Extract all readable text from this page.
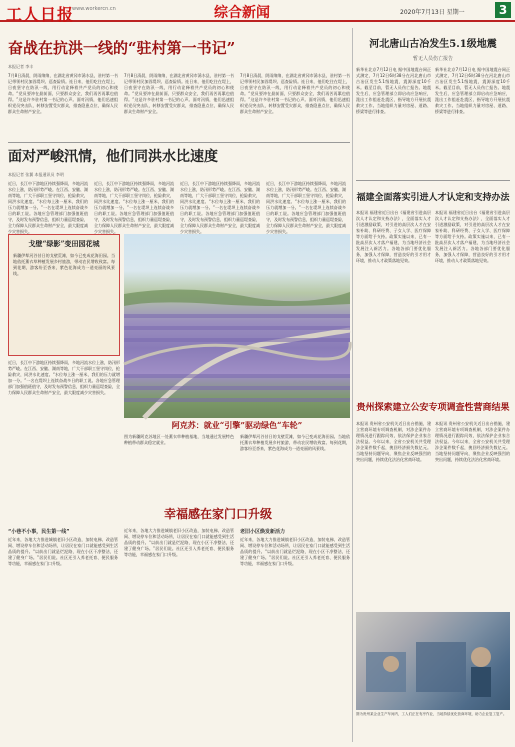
工人日报
www.workercn.cn	综合新闻	2020年7月13日 星期一	3
奋战在抗洪一线的“驻村第一书记”
本报记者 李丰
7月8日清晨，阴雨绵绵，在湖北省黄冈市浠水县，驻村第一书记带领村民加固堤坝、巡查险情。连日来，他们吃住在堤上，日夜坚守在防汛一线，用行动诠释着共产党员的初心和使命。“党员要冲在最前面，只要群众安全，我们再苦再累也值得。”这是许多驻村第一书记的心声。面对汛情，他们迅速组织党员突击队，转移安置受灾群众，排查隐患点位，确保人民群众生命财产安全。
7月8日清晨，阴雨绵绵，在湖北省黄冈市浠水县，驻村第一书记带领村民加固堤坝、巡查险情。连日来，他们吃住在堤上，日夜坚守在防汛一线，用行动诠释着共产党员的初心和使命。“党员要冲在最前面，只要群众安全，我们再苦再累也值得。”这是许多驻村第一书记的心声。面对汛情，他们迅速组织党员突击队，转移安置受灾群众，排查隐患点位，确保人民群众生命财产安全。
7月8日清晨，阴雨绵绵，在湖北省黄冈市浠水县，驻村第一书记带领村民加固堤坝、巡查险情。连日来，他们吃住在堤上，日夜坚守在防汛一线，用行动诠释着共产党员的初心和使命。“党员要冲在最前面，只要群众安全，我们再苦再累也值得。”这是许多驻村第一书记的心声。面对汛情，他们迅速组织党员突击队，转移安置受灾群众，排查隐患点位，确保人民群众生命财产安全。
面对严峻汛情，他们同洪水比速度
本报记者 张翼 本报通讯员 李明
近日，长江中下游地区持续强降雨，多地河流水位上涨，防汛形势严峻。在江西、安徽、湖南等地，广大干部职工坚守岗位，抢险救灾，同洪水比速度。“水位每上涨一厘米，我们的压力就增加一分。”一名在堤坝上连续奋战多日的职工说。各地应急管理部门加强值班值守，及时发布预警信息，组织力量巡堤查险，全力保障人民群众生命财产安全，最大限度减少灾害损失。
近日，长江中下游地区持续强降雨，多地河流水位上涨，防汛形势严峻。在江西、安徽、湖南等地，广大干部职工坚守岗位，抢险救灾，同洪水比速度。“水位每上涨一厘米，我们的压力就增加一分。”一名在堤坝上连续奋战多日的职工说。各地应急管理部门加强值班值守，及时发布预警信息，组织力量巡堤查险，全力保障人民群众生命财产安全，最大限度减少灾害损失。
近日，长江中下游地区持续强降雨，多地河流水位上涨，防汛形势严峻。在江西、安徽、湖南等地，广大干部职工坚守岗位，抢险救灾，同洪水比速度。“水位每上涨一厘米，我们的压力就增加一分。”一名在堤坝上连续奋战多日的职工说。各地应急管理部门加强值班值守，及时发布预警信息，组织力量巡堤查险，全力保障人民群众生命财产安全，最大限度减少灾害损失。
近日，长江中下游地区持续强降雨，多地河流水位上涨，防汛形势严峻。在江西、安徽、湖南等地，广大干部职工坚守岗位，抢险救灾，同洪水比速度。“水位每上涨一厘米，我们的压力就增加一分。”一名在堤坝上连续奋战多日的职工说。各地应急管理部门加强值班值守，及时发布预警信息，组织力量巡堤查险，全力保障人民群众生命财产安全，最大限度减少灾害损失。
河北唐山古冶发生5.1级地震
暂无人员伤亡报告
新华社北京7月12日电 据中国地震台网正式测定，7月12日6时38分在河北唐山市古冶区发生5.1级地震，震源深度10千米。截至目前，暂无人员伤亡报告。地震发生后，应急管理部立即启动应急响应，派出工作组赶赴震区，指导地方开展抗震救灾工作。当地组织力量对房屋、道路、桥梁等进行排查。
新华社北京7月12日电 据中国地震台网正式测定，7月12日6时38分在河北唐山市古冶区发生5.1级地震，震源深度10千米。截至目前，暂无人员伤亡报告。地震发生后，应急管理部立即启动应急响应，派出工作组赶赴震区，指导地方开展抗震救灾工作。当地组织力量对房屋、道路、桥梁等进行排查。
福建全面落实引进人才认定和支持办法
本报讯 福建省近日出台《福建省引进高层次人才认定和支持办法》，全面落实人才引进激励政策，对引进的高层次人才在安家补助、科研经费、子女入学、医疗保障等方面给予支持。政策实施以来，已有一批高层次人才落户福建，为当地经济社会发展注入新活力。各地各部门要优化服务，加强人才保障，营造良好的引才用才环境，推动人才政策落地见效。
本报讯 福建省近日出台《福建省引进高层次人才认定和支持办法》，全面落实人才引进激励政策，对引进的高层次人才在安家补助、科研经费、子女入学、医疗保障等方面给予支持。政策实施以来，已有一批高层次人才落户福建，为当地经济社会发展注入新活力。各地各部门要优化服务，加强人才保障，营造良好的引才用才环境，推动人才政策落地见效。
戈壁“绿影”变田园花城
新疆伊犁河谷昔日的戈壁荒滩，如今已变成花海田园。当地依托薰衣草种植发展乡村旅游，带动农民增收致富。每到花期，游客纷至沓来，紫色花海成为一道亮丽的风景线。
近日，长江中下游地区持续强降雨，多地河流水位上涨，防汛形势严峻。在江西、安徽、湖南等地，广大干部职工坚守岗位，抢险救灾，同洪水比速度。“水位每上涨一厘米，我们的压力就增加一分。”一名在堤坝上连续奋战多日的职工说。各地应急管理部门加强值班值守，及时发布预警信息，组织力量巡堤查险，全力保障人民群众生命财产安全，最大限度减少灾害损失。
阿克苏：就业“引擎”驱动绿色“车轮”
图为新疆阿克苏地区一处薰衣草种植基地，当地通过发展特色种植带动群众稳定就业。
新疆伊犁河谷昔日的戈壁荒滩，如今已变成花海田园。当地依托薰衣草种植发展乡村旅游，带动农民增收致富。每到花期，游客纷至沓来，紫色花海成为一道亮丽的风景线。
贵州探索建立公安专项调查性营商结果
本报讯 贵州省公安机关近日出台措施，建立营商环境专项调查机制，对涉企案件办理情况进行跟踪问效，依法保护企业家合法权益。今年以来，全省公安机关共受理涉企案件数千起，挽回经济损失数亿元。当地坚持问题导向，聚焦企业反映强烈的突出问题，持续优化法治化营商环境。
本报讯 贵州省公安机关近日出台措施，建立营商环境专项调查机制，对涉企案件办理情况进行跟踪问效，依法保护企业家合法权益。今年以来，全省公安机关共受理涉企案件数千起，挽回经济损失数亿元。当地坚持问题导向，聚焦企业反映强烈的突出问题，持续优化法治化营商环境。
图为贵州某企业生产车间内，工人们正在有序作业，当地持续优化营商环境，助力企业复工复产。
幸福感在家门口升级
“小巷不小事，民生第一线”
近年来，各地大力推进城镇老旧小区改造，加装电梯、改造管网、增设停车位和活动场所，让居民在家门口就能感受到生活品质的提升。“以前出门就是烂泥路，现在小区干净整洁，还建了健身广场。”居民们说。社区还引入养老托育、便民服务等功能，幸福感在家门口升级。
近年来，各地大力推进城镇老旧小区改造，加装电梯、改造管网、增设停车位和活动场所，让居民在家门口就能感受到生活品质的提升。“以前出门就是烂泥路，现在小区干净整洁，还建了健身广场。”居民们说。社区还引入养老托育、便民服务等功能，幸福感在家门口升级。
老旧小区焕发新活力
近年来，各地大力推进城镇老旧小区改造，加装电梯、改造管网、增设停车位和活动场所，让居民在家门口就能感受到生活品质的提升。“以前出门就是烂泥路，现在小区干净整洁，还建了健身广场。”居民们说。社区还引入养老托育、便民服务等功能，幸福感在家门口升级。
